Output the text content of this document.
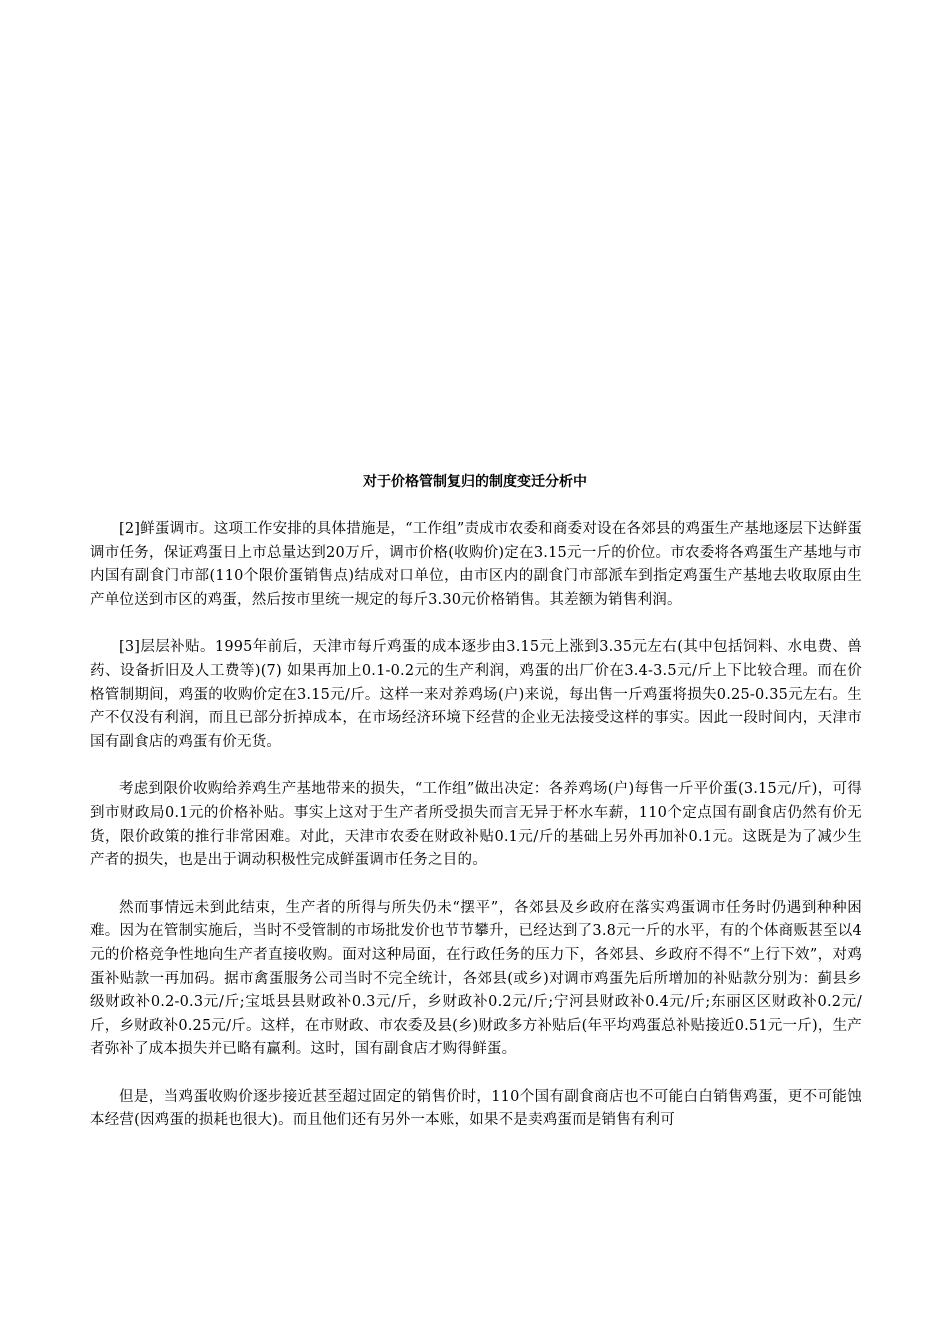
对于价格管制复归的制度变迁分析中

[2]鲜蛋调市。这项工作安排的具体措施是，“工作组”责成市农委和商委对设在各郊县的鸡蛋生产基地逐层下达鲜蛋调市任务，保证鸡蛋日上市总量达到20万斤，调市价格(收购价)定在3.15元一斤的价位。市农委将各鸡蛋生产基地与市内国有副食门市部(110个限价蛋销售点)结成对口单位，由市区内的副食门市部派车到指定鸡蛋生产基地去收取原由生产单位送到市区的鸡蛋，然后按市里统一规定的每斤3.30元价格销售。其差额为销售利润。

[3]层层补贴。1995年前后，天津市每斤鸡蛋的成本逐步由3.15元上涨到3.35元左右(其中包括饲料、水电费、兽药、设备折旧及人工费等)(7) 如果再加上0.1-0.2元的生产利润，鸡蛋的出厂价在3.4-3.5元/斤上下比较合理。而在价格管制期间，鸡蛋的收购价定在3.15元/斤。这样一来对养鸡场(户)来说，每出售一斤鸡蛋将损失0.25-0.35元左右。生产不仅没有利润，而且已部分折掉成本，在市场经济环境下经营的企业无法接受这样的事实。因此一段时间内，天津市国有副食店的鸡蛋有价无货。

考虑到限价收购给养鸡生产基地带来的损失，“工作组”做出决定：各养鸡场(户)每售一斤平价蛋(3.15元/斤)，可得到市财政局0.1元的价格补贴。事实上这对于生产者所受损失而言无异于杯水车薪，110个定点国有副食店仍然有价无货，限价政策的推行非常困难。对此，天津市农委在财政补贴0.1元/斤的基础上另外再加补0.1元。这既是为了减少生产者的损失，也是出于调动积极性完成鲜蛋调市任务之目的。

然而事情远未到此结束，生产者的所得与所失仍未“摆平”，各郊县及乡政府在落实鸡蛋调市任务时仍遇到种种困难。因为在管制实施后，当时不受管制的市场批发价也节节攀升，已经达到了3.8元一斤的水平，有的个体商贩甚至以4元的价格竞争性地向生产者直接收购。面对这种局面，在行政任务的压力下，各郊县、乡政府不得不“上行下效”，对鸡蛋补贴款一再加码。据市禽蛋服务公司当时不完全统计，各郊县(或乡)对调市鸡蛋先后所增加的补贴款分别为：蓟县乡级财政补0.2-0.3元/斤;宝坻县县财政补0.3元/斤，乡财政补0.2元/斤;宁河县财政补0.4元/斤;东丽区区财政补0.2元/斤，乡财政补0.25元/斤。这样，在市财政、市农委及县(乡)财政多方补贴后(年平均鸡蛋总补贴接近0.51元一斤)，生产者弥补了成本损失并已略有赢利。这时，国有副食店才购得鲜蛋。

但是，当鸡蛋收购价逐步接近甚至超过固定的销售价时，110个国有副食商店也不可能白白销售鸡蛋，更不可能蚀本经营(因鸡蛋的损耗也很大)。而且他们还有另外一本账，如果不是卖鸡蛋而是销售有利可
